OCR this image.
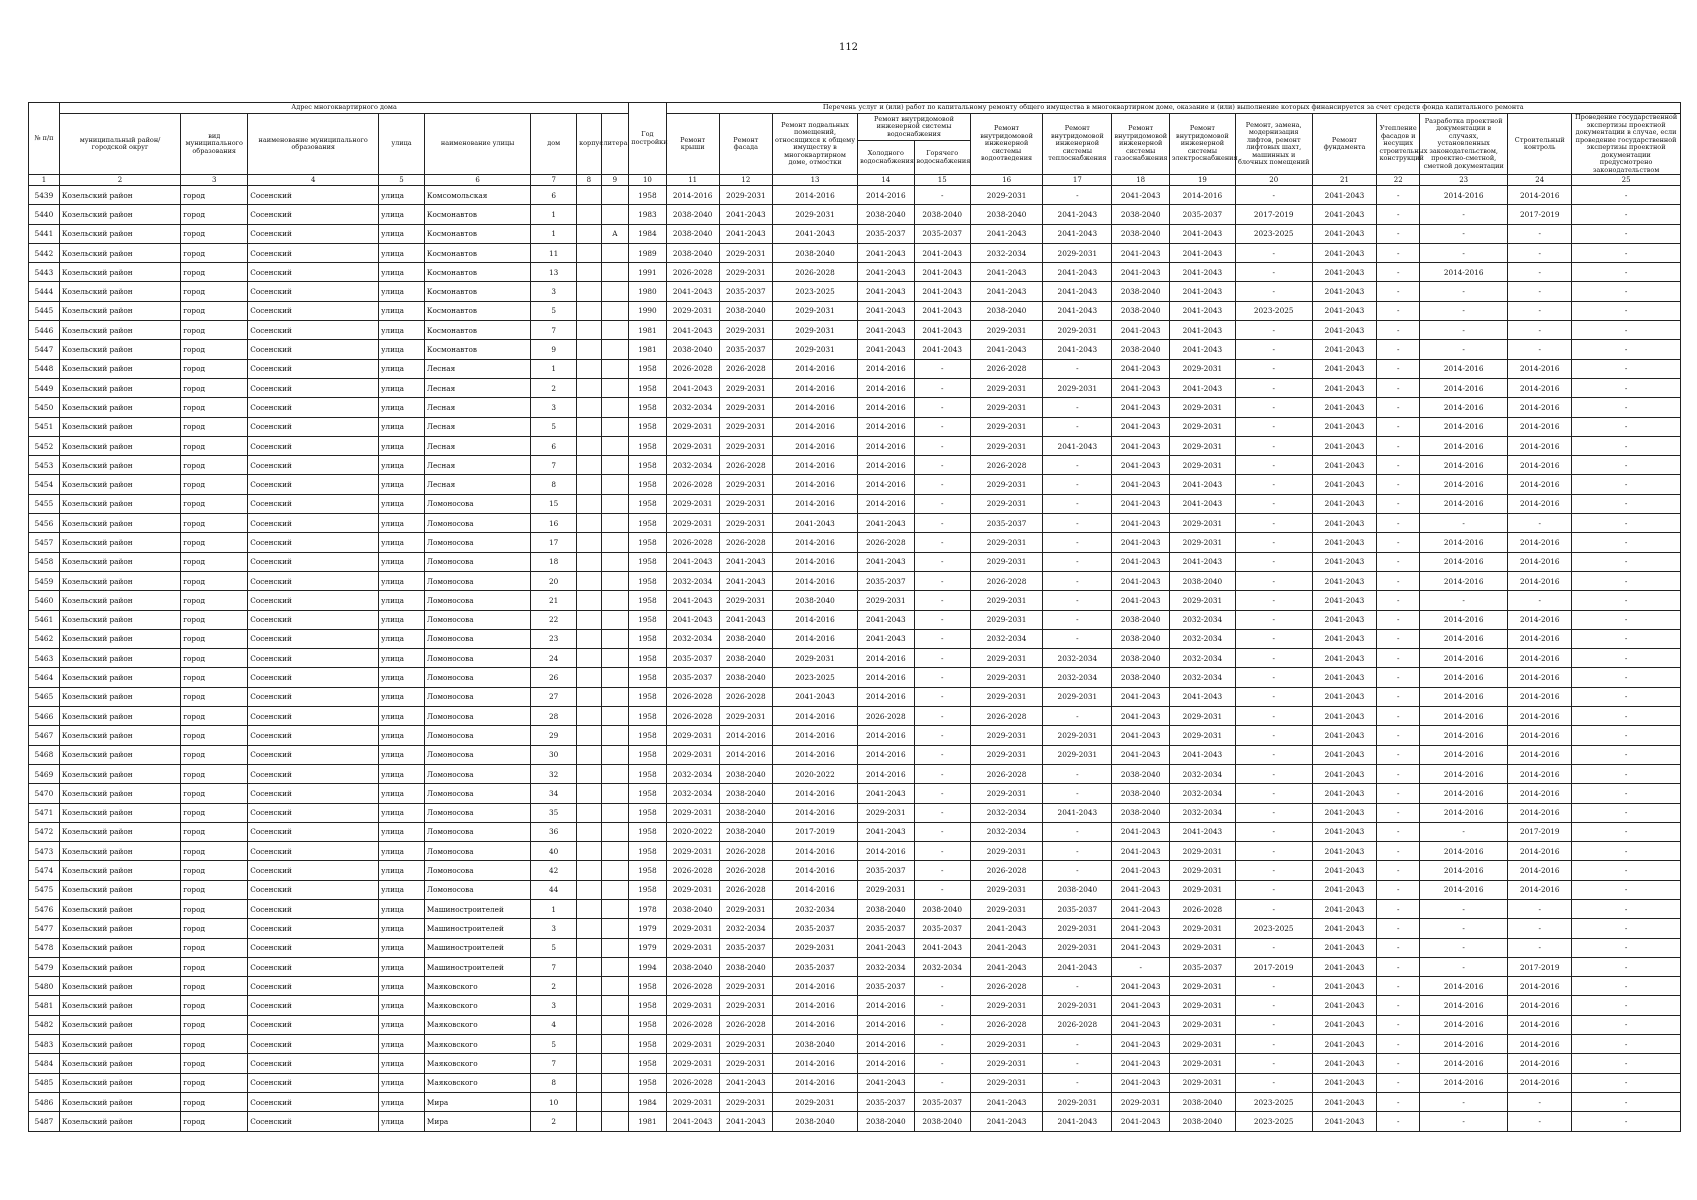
112
№ п/п	Адрес многоквартирного дома								Год постройки	Перечень услуг и (или) работ по капитальному ремонту общего имущества в многоквартирном доме, оказание и (или) выполнение которых финансируется за счет средств фонда капитального ремонта														
	муниципальный район/ городской округ	вид муниципального образования	наименование муниципального образования	улица	наименование улицы	дом	корпус	литера		Ремонт крыши	Ремонт фасада	Ремонт подвальных помещений, относящихся к общему имуществу в многоквартирном доме, отмостки	Ремонт внутридомовой инженерной системы водоснабжения		Ремонт внутридомовой инженерной системы водоотведения	Ремонт внутридомовой инженерной системы теплоснабжения	Ремонт внутридомовой инженерной системы газоснабжения	Ремонт внутридомовой инженерной системы электроснабжения	Ремонт, замена, модернизация лифтов, ремонт лифтовых шахт, машинных и блочных помещений	Ремонт фундамента	Утепление фасадов и несущих строительных конструкций	Разработка проектной документации в случаях, установленных законодательством, проектно-сметной, сметной документации	Строительный контроль	Проведение государственной экспертизы проектной документации в случае, если проведение государственной экспертизы проектной документации предусмотрено законодательством
													Холодного водоснабжения	Горячего водоснабжения										
1	2	3	4	5	6	7	8	9	10	11	12	13	14	15	16	17	18	19	20	21	22	23	24	25
5439	Козельский район	город	Сосенский	улица	Комсомольская	6			1958	2014-2016	2029-2031	2014-2016	2014-2016	-	2029-2031	-	2041-2043	2014-2016	-	2041-2043	-	2014-2016	2014-2016	-
5440	Козельский район	город	Сосенский	улица	Космонавтов	1			1983	2038-2040	2041-2043	2029-2031	2038-2040	2038-2040	2038-2040	2041-2043	2038-2040	2035-2037	2017-2019	2041-2043	-	-	2017-2019	-
5441	Козельский район	город	Сосенский	улица	Космонавтов	1		А	1984	2038-2040	2041-2043	2041-2043	2035-2037	2035-2037	2041-2043	2041-2043	2038-2040	2041-2043	2023-2025	2041-2043	-	-	-	-
5442	Козельский район	город	Сосенский	улица	Космонавтов	11			1989	2038-2040	2029-2031	2038-2040	2041-2043	2041-2043	2032-2034	2029-2031	2041-2043	2041-2043	-	2041-2043	-	-	-	-
5443	Козельский район	город	Сосенский	улица	Космонавтов	13			1991	2026-2028	2029-2031	2026-2028	2041-2043	2041-2043	2041-2043	2041-2043	2041-2043	2041-2043	-	2041-2043	-	2014-2016	-	-
5444	Козельский район	город	Сосенский	улица	Космонавтов	3			1980	2041-2043	2035-2037	2023-2025	2041-2043	2041-2043	2041-2043	2041-2043	2038-2040	2041-2043	-	2041-2043	-	-	-	-
5445	Козельский район	город	Сосенский	улица	Космонавтов	5			1990	2029-2031	2038-2040	2029-2031	2041-2043	2041-2043	2038-2040	2041-2043	2038-2040	2041-2043	2023-2025	2041-2043	-	-	-	-
5446	Козельский район	город	Сосенский	улица	Космонавтов	7			1981	2041-2043	2029-2031	2029-2031	2041-2043	2041-2043	2029-2031	2029-2031	2041-2043	2041-2043	-	2041-2043	-	-	-	-
5447	Козельский район	город	Сосенский	улица	Космонавтов	9			1981	2038-2040	2035-2037	2029-2031	2041-2043	2041-2043	2041-2043	2041-2043	2038-2040	2041-2043	-	2041-2043	-	-	-	-
5448	Козельский район	город	Сосенский	улица	Лесная	1			1958	2026-2028	2026-2028	2014-2016	2014-2016	-	2026-2028	-	2041-2043	2029-2031	-	2041-2043	-	2014-2016	2014-2016	-
5449	Козельский район	город	Сосенский	улица	Лесная	2			1958	2041-2043	2029-2031	2014-2016	2014-2016	-	2029-2031	2029-2031	2041-2043	2041-2043	-	2041-2043	-	2014-2016	2014-2016	-
5450	Козельский район	город	Сосенский	улица	Лесная	3			1958	2032-2034	2029-2031	2014-2016	2014-2016	-	2029-2031	-	2041-2043	2029-2031	-	2041-2043	-	2014-2016	2014-2016	-
5451	Козельский район	город	Сосенский	улица	Лесная	5			1958	2029-2031	2029-2031	2014-2016	2014-2016	-	2029-2031	-	2041-2043	2029-2031	-	2041-2043	-	2014-2016	2014-2016	-
5452	Козельский район	город	Сосенский	улица	Лесная	6			1958	2029-2031	2029-2031	2014-2016	2014-2016	-	2029-2031	2041-2043	2041-2043	2029-2031	-	2041-2043	-	2014-2016	2014-2016	-
5453	Козельский район	город	Сосенский	улица	Лесная	7			1958	2032-2034	2026-2028	2014-2016	2014-2016	-	2026-2028	-	2041-2043	2029-2031	-	2041-2043	-	2014-2016	2014-2016	-
5454	Козельский район	город	Сосенский	улица	Лесная	8			1958	2026-2028	2029-2031	2014-2016	2014-2016	-	2029-2031	-	2041-2043	2041-2043	-	2041-2043	-	2014-2016	2014-2016	-
5455	Козельский район	город	Сосенский	улица	Ломоносова	15			1958	2029-2031	2029-2031	2014-2016	2014-2016	-	2029-2031	-	2041-2043	2041-2043	-	2041-2043	-	2014-2016	2014-2016	-
5456	Козельский район	город	Сосенский	улица	Ломоносова	16			1958	2029-2031	2029-2031	2041-2043	2041-2043	-	2035-2037	-	2041-2043	2029-2031	-	2041-2043	-	-	-	-
5457	Козельский район	город	Сосенский	улица	Ломоносова	17			1958	2026-2028	2026-2028	2014-2016	2026-2028	-	2029-2031	-	2041-2043	2029-2031	-	2041-2043	-	2014-2016	2014-2016	-
5458	Козельский район	город	Сосенский	улица	Ломоносова	18			1958	2041-2043	2041-2043	2014-2016	2041-2043	-	2029-2031	-	2041-2043	2041-2043	-	2041-2043	-	2014-2016	2014-2016	-
5459	Козельский район	город	Сосенский	улица	Ломоносова	20			1958	2032-2034	2041-2043	2014-2016	2035-2037	-	2026-2028	-	2041-2043	2038-2040	-	2041-2043	-	2014-2016	2014-2016	-
5460	Козельский район	город	Сосенский	улица	Ломоносова	21			1958	2041-2043	2029-2031	2038-2040	2029-2031	-	2029-2031	-	2041-2043	2029-2031	-	2041-2043	-	-	-	-
5461	Козельский район	город	Сосенский	улица	Ломоносова	22			1958	2041-2043	2041-2043	2014-2016	2041-2043	-	2029-2031	-	2038-2040	2032-2034	-	2041-2043	-	2014-2016	2014-2016	-
5462	Козельский район	город	Сосенский	улица	Ломоносова	23			1958	2032-2034	2038-2040	2014-2016	2041-2043	-	2032-2034	-	2038-2040	2032-2034	-	2041-2043	-	2014-2016	2014-2016	-
5463	Козельский район	город	Сосенский	улица	Ломоносова	24			1958	2035-2037	2038-2040	2029-2031	2014-2016	-	2029-2031	2032-2034	2038-2040	2032-2034	-	2041-2043	-	2014-2016	2014-2016	-
5464	Козельский район	город	Сосенский	улица	Ломоносова	26			1958	2035-2037	2038-2040	2023-2025	2014-2016	-	2029-2031	2032-2034	2038-2040	2032-2034	-	2041-2043	-	2014-2016	2014-2016	-
5465	Козельский район	город	Сосенский	улица	Ломоносова	27			1958	2026-2028	2026-2028	2041-2043	2014-2016	-	2029-2031	2029-2031	2041-2043	2041-2043	-	2041-2043	-	2014-2016	2014-2016	-
5466	Козельский район	город	Сосенский	улица	Ломоносова	28			1958	2026-2028	2029-2031	2014-2016	2026-2028	-	2026-2028	-	2041-2043	2029-2031	-	2041-2043	-	2014-2016	2014-2016	-
5467	Козельский район	город	Сосенский	улица	Ломоносова	29			1958	2029-2031	2014-2016	2014-2016	2014-2016	-	2029-2031	2029-2031	2041-2043	2029-2031	-	2041-2043	-	2014-2016	2014-2016	-
5468	Козельский район	город	Сосенский	улица	Ломоносова	30			1958	2029-2031	2014-2016	2014-2016	2014-2016	-	2029-2031	2029-2031	2041-2043	2041-2043	-	2041-2043	-	2014-2016	2014-2016	-
5469	Козельский район	город	Сосенский	улица	Ломоносова	32			1958	2032-2034	2038-2040	2020-2022	2014-2016	-	2026-2028	-	2038-2040	2032-2034	-	2041-2043	-	2014-2016	2014-2016	-
5470	Козельский район	город	Сосенский	улица	Ломоносова	34			1958	2032-2034	2038-2040	2014-2016	2041-2043	-	2029-2031	-	2038-2040	2032-2034	-	2041-2043	-	2014-2016	2014-2016	-
5471	Козельский район	город	Сосенский	улица	Ломоносова	35			1958	2029-2031	2038-2040	2014-2016	2029-2031	-	2032-2034	2041-2043	2038-2040	2032-2034	-	2041-2043	-	2014-2016	2014-2016	-
5472	Козельский район	город	Сосенский	улица	Ломоносова	36			1958	2020-2022	2038-2040	2017-2019	2041-2043	-	2032-2034	-	2041-2043	2041-2043	-	2041-2043	-	-	2017-2019	-
5473	Козельский район	город	Сосенский	улица	Ломоносова	40			1958	2029-2031	2026-2028	2014-2016	2014-2016	-	2029-2031	-	2041-2043	2029-2031	-	2041-2043	-	2014-2016	2014-2016	-
5474	Козельский район	город	Сосенский	улица	Ломоносова	42			1958	2026-2028	2026-2028	2014-2016	2035-2037	-	2026-2028	-	2041-2043	2029-2031	-	2041-2043	-	2014-2016	2014-2016	-
5475	Козельский район	город	Сосенский	улица	Ломоносова	44			1958	2029-2031	2026-2028	2014-2016	2029-2031	-	2029-2031	2038-2040	2041-2043	2029-2031	-	2041-2043	-	2014-2016	2014-2016	-
5476	Козельский район	город	Сосенский	улица	Машиностроителей	1			1978	2038-2040	2029-2031	2032-2034	2038-2040	2038-2040	2029-2031	2035-2037	2041-2043	2026-2028	-	2041-2043	-	-	-	-
5477	Козельский район	город	Сосенский	улица	Машиностроителей	3			1979	2029-2031	2032-2034	2035-2037	2035-2037	2035-2037	2041-2043	2029-2031	2041-2043	2029-2031	2023-2025	2041-2043	-	-	-	-
5478	Козельский район	город	Сосенский	улица	Машиностроителей	5			1979	2029-2031	2035-2037	2029-2031	2041-2043	2041-2043	2041-2043	2029-2031	2041-2043	2029-2031	-	2041-2043	-	-	-	-
5479	Козельский район	город	Сосенский	улица	Машиностроителей	7			1994	2038-2040	2038-2040	2035-2037	2032-2034	2032-2034	2041-2043	2041-2043	-	2035-2037	2017-2019	2041-2043	-	-	2017-2019	-
5480	Козельский район	город	Сосенский	улица	Маяковского	2			1958	2026-2028	2029-2031	2014-2016	2035-2037	-	2026-2028	-	2041-2043	2029-2031	-	2041-2043	-	2014-2016	2014-2016	-
5481	Козельский район	город	Сосенский	улица	Маяковского	3			1958	2029-2031	2029-2031	2014-2016	2014-2016	-	2029-2031	2029-2031	2041-2043	2029-2031	-	2041-2043	-	2014-2016	2014-2016	-
5482	Козельский район	город	Сосенский	улица	Маяковского	4			1958	2026-2028	2026-2028	2014-2016	2014-2016	-	2026-2028	2026-2028	2041-2043	2029-2031	-	2041-2043	-	2014-2016	2014-2016	-
5483	Козельский район	город	Сосенский	улица	Маяковского	5			1958	2029-2031	2029-2031	2038-2040	2014-2016	-	2029-2031	-	2041-2043	2029-2031	-	2041-2043	-	2014-2016	2014-2016	-
5484	Козельский район	город	Сосенский	улица	Маяковского	7			1958	2029-2031	2029-2031	2014-2016	2014-2016	-	2029-2031	-	2041-2043	2029-2031	-	2041-2043	-	2014-2016	2014-2016	-
5485	Козельский район	город	Сосенский	улица	Маяковского	8			1958	2026-2028	2041-2043	2014-2016	2041-2043	-	2029-2031	-	2041-2043	2029-2031	-	2041-2043	-	2014-2016	2014-2016	-
5486	Козельский район	город	Сосенский	улица	Мира	10			1984	2029-2031	2029-2031	2029-2031	2035-2037	2035-2037	2041-2043	2029-2031	2029-2031	2038-2040	2023-2025	2041-2043	-	-	-	-
5487	Козельский район	город	Сосенский	улица	Мира	2			1981	2041-2043	2041-2043	2038-2040	2038-2040	2038-2040	2041-2043	2041-2043	2041-2043	2038-2040	2023-2025	2041-2043	-	-	-	-
